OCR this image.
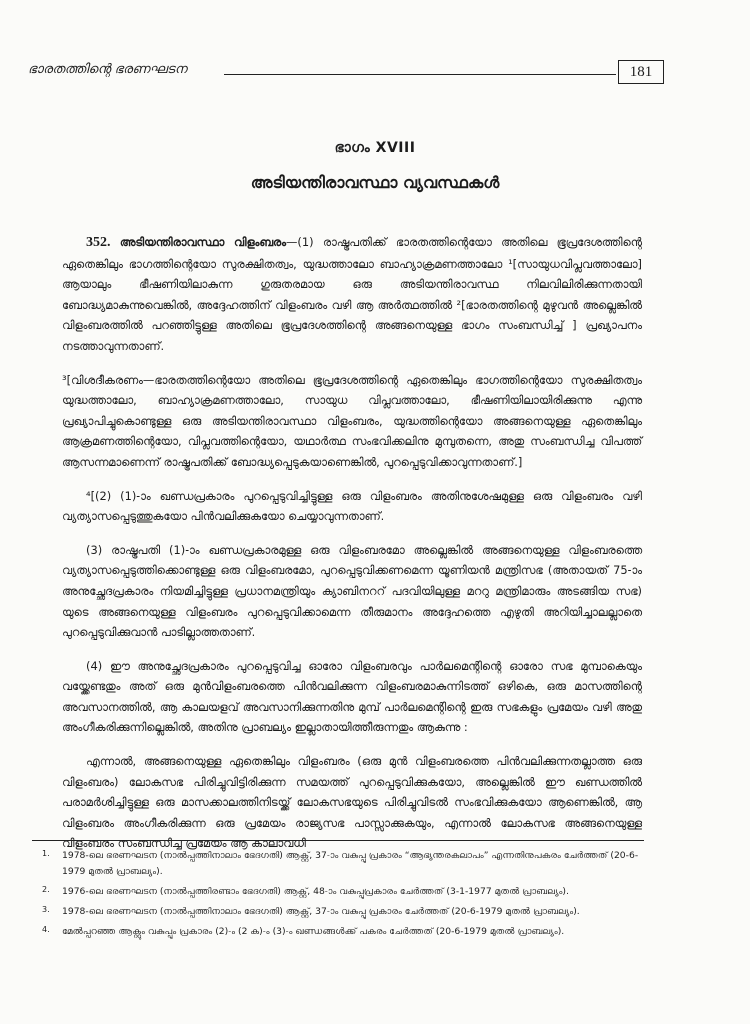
ഭാരതത്തിന്റെ ഭരണഘടന	181
ഭാഗം XVIII
അടിയന്തിരാവസ്ഥാ വ്യവസ്ഥകൾ

352. അടിയന്തിരാവസ്ഥാ വിളംബരം—(1) രാഷ്ട്രപതിക്ക് ഭാരതത്തിന്റെയോ അതിലെ ഭൂപ്രദേശത്തിന്റെ ഏതെങ്കിലും ഭാഗത്തിന്റെയോ സുരക്ഷിതത്വം, യുദ്ധത്താലോ ബാഹ്യാക്രമണത്താലോ ¹[സായുധവിപ്ലവത്താലോ] ആയാലും ഭീഷണിയിലാകുന്ന ഗുരുതരമായ ഒരു അടിയന്തിരാവസ്ഥ നിലവിലിരിക്കുന്നതായി ബോദ്ധ്യമാകുന്നുവെങ്കിൽ, അദ്ദേഹത്തിന് വിളംബരം വഴി ആ അർത്ഥത്തിൽ ²[ഭാരതത്തിന്റെ മുഴുവൻ അല്ലെങ്കിൽ വിളംബരത്തിൽ പറഞ്ഞിട്ടുള്ള അതിലെ ഭൂപ്രദേശത്തിന്റെ അങ്ങനെയുള്ള ഭാഗം സംബന്ധിച്ച് ] പ്രഖ്യാപനം നടത്താവുന്നതാണ്.

³[വിശദീകരണം—ഭാരതത്തിന്റെയോ അതിലെ ഭൂപ്രദേശത്തിന്റെ ഏതെങ്കിലും ഭാഗത്തിന്റെയോ സുരക്ഷിതത്വം യുദ്ധത്താലോ, ബാഹ്യാക്രമണത്താലോ, സായുധ വിപ്ലവത്താലോ, ഭീഷണിയിലായിരിക്കുന്നു എന്നു പ്രഖ്യാപിച്ചുകൊണ്ടുള്ള ഒരു അടിയന്തിരാവസ്ഥാ വിളംബരം, യുദ്ധത്തിന്റെയോ അങ്ങനെയുള്ള ഏതെങ്കിലും ആക്രമണത്തിന്റെയോ, വിപ്ലവത്തിന്റെയോ, യഥാർത്ഥ സംഭവിക്കലിനു മുമ്പുതന്നെ, അതു സംബന്ധിച്ച വിപത്ത് ആസന്നമാണെന്ന് രാഷ്ട്രപതിക്ക് ബോദ്ധ്യപ്പെടുകയാണെങ്കിൽ, പുറപ്പെടുവിക്കാവുന്നതാണ്.]

⁴[(2) (1)-ാം ഖണ്ഡപ്രകാരം പുറപ്പെടുവിച്ചിട്ടുള്ള ഒരു വിളംബരം അതിനുശേഷമുള്ള ഒരു വിളംബരം വഴി വ്യത്യാസപ്പെടുത്തുകയോ പിൻവലിക്കുകയോ ചെയ്യാവുന്നതാണ്.

(3) രാഷ്ട്രപതി (1)-ാം ഖണ്ഡപ്രകാരമുള്ള ഒരു വിളംബരമോ അല്ലെങ്കിൽ അങ്ങനെയുള്ള വിളംബരത്തെ വ്യത്യാസപ്പെടുത്തിക്കൊണ്ടുള്ള ഒരു വിളംബരമോ, പുറപ്പെടുവിക്കണമെന്ന യൂണിയൻ മന്ത്രിസഭ (അതായത് 75-ാം അനുച്ഛേദപ്രകാരം നിയമിച്ചിട്ടുള്ള പ്രധാനമന്ത്രിയും ക്യാബിനററ് പദവിയിലുള്ള മററു മന്ത്രിമാരും അടങ്ങിയ സഭ) യുടെ അങ്ങനെയുള്ള വിളംബരം പുറപ്പെടുവിക്കാമെന്ന തീരുമാനം അദ്ദേഹത്തെ എഴുതി അറിയിച്ചാലല്ലാതെ പുറപ്പെടുവിക്കുവാൻ പാടില്ലാത്തതാണ്.

(4) ഈ അനുച്ഛേദപ്രകാരം പുറപ്പെടുവിച്ച ഓരോ വിളംബരവും പാർലമെന്റിന്റെ ഓരോ സഭ മുമ്പാകെയും വയ്ക്കേണ്ടതും അത് ഒരു മുൻവിളംബരത്തെ പിൻവലിക്കുന്ന വിളംബരമാകുന്നിടത്ത് ഒഴികെ, ഒരു മാസത്തിന്റെ അവസാനത്തിൽ, ആ കാലയളവ് അവസാനിക്കുന്നതിനു മുമ്പ് പാർലമെന്റിന്റെ ഇരു സഭകളും പ്രമേയം വഴി അതു അംഗീകരിക്കുന്നില്ലെങ്കിൽ, അതിനു പ്രാബല്യം ഇല്ലാതായിത്തീരുന്നതും ആകുന്നു :

എന്നാൽ, അങ്ങനെയുള്ള ഏതെങ്കിലും വിളംബരം (ഒരു മുൻ വിളംബരത്തെ പിൻവലിക്കുന്നതല്ലാത്ത ഒരു വിളംബരം) ലോകസഭ പിരിച്ചുവിട്ടിരിക്കുന്ന സമയത്ത് പുറപ്പെടുവിക്കുകയോ, അല്ലെങ്കിൽ ഈ ഖണ്ഡത്തിൽ പരാമർശിച്ചിട്ടുള്ള ഒരു മാസക്കാലത്തിനിടയ്ക്ക് ലോകസഭയുടെ പിരിച്ചുവിടൽ സംഭവിക്കുകയോ ആണെങ്കിൽ, ആ വിളംബരം അംഗീകരിക്കുന്ന ഒരു പ്രമേയം രാജ്യസഭ പാസ്സാക്കുകയും, എന്നാൽ ലോകസഭ അങ്ങനെയുള്ള വിളംബരം സംബന്ധിച്ച പ്രമേയം ആ കാലാവധി

1. 1978-ലെ ഭരണഘടന (നാൽപ്പത്തിനാലാം ഭേദഗതി) ആക്റ്റ്, 37-ാം വകുപ്പു പ്രകാരം “ആഭ്യന്തരകലാപം” എന്നതിനുപകരം ചേർത്തത് (20-6-1979 മുതൽ പ്രാബല്യം).
2. 1976-ലെ ഭരണഘടന (നാൽപ്പത്തിരണ്ടാം ഭേദഗതി) ആക്റ്റ്, 48-ാം വകുപ്പുപ്രകാരം ചേർത്തത് (3-1-1977 മുതൽ പ്രാബല്യം).
3. 1978-ലെ ഭരണഘടന (നാൽപ്പത്തിനാലാം ഭേദഗതി) ആക്റ്റ്, 37-ാം വകുപ്പു പ്രകാരം ചേർത്തത് (20-6-1979 മുതൽ പ്രാബല്യം).
4. മേൽപ്പറഞ്ഞ ആക്റ്റും വകുപ്പും പ്രകാരം (2)-ം (2 ക)-ം (3)-ം ഖണ്ഡങ്ങൾക്ക് പകരം ചേർത്തത് (20-6-1979 മുതൽ പ്രാബല്യം).
